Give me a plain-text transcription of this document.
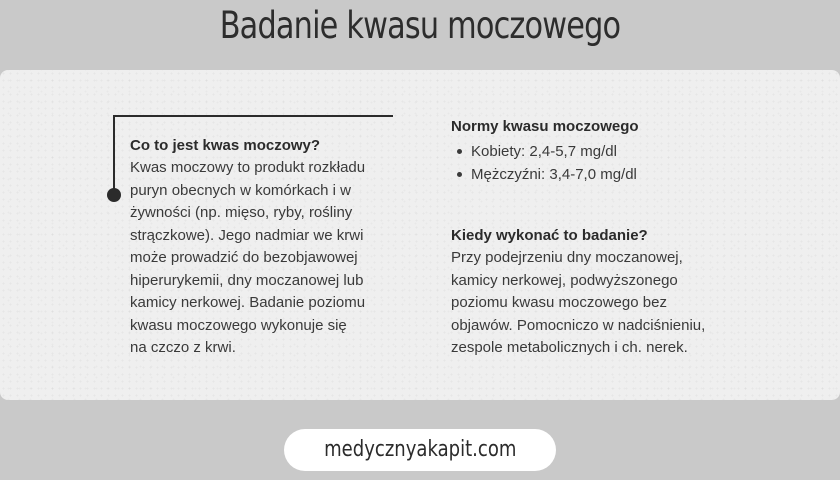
Badanie kwasu moczowego

Co to jest kwas moczowy?

Kwas moczowy to produkt rozkładu

puryn obecnych w komórkach i w

żywności (np. mięso, ryby, rośliny

strączkowe). Jego nadmiar we krwi

może prowadzić do bezobjawowej

hiperurykemii, dny moczanowej lub

kamicy nerkowej. Badanie poziomu

kwasu moczowego wykonuje się

na czczo z krwi.

Normy kwasu moczowego

Kobiety: 2,4-5,7 mg/dl
Mężczyźni: 3,4-7,0 mg/dl

Kiedy wykonać to badanie?

Przy podejrzeniu dny moczanowej,

kamicy nerkowej, podwyższonego

poziomu kwasu moczowego bez

objawów. Pomocniczo w nadciśnieniu,

zespole metabolicznych i ch. nerek.

medycznyakapit.com
